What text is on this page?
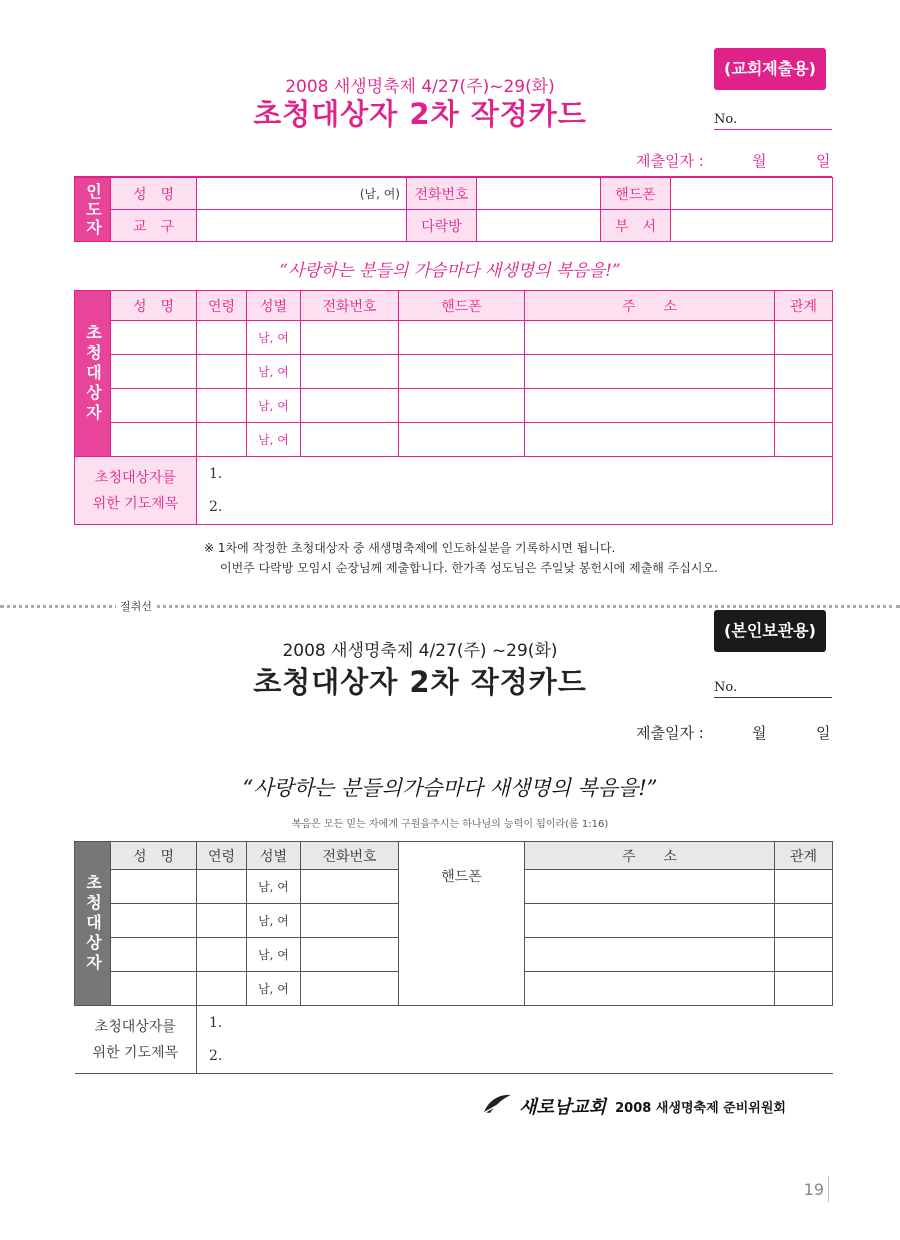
(교회제출용)
2008 새생명축제 4/27(주)~29(화)
초청대상자 2차 작정카드	No.
제출일자 :	월	일
인도자	성　명	(남, 여)	전화번호		핸드폰	
	교　구		다락방		부　서	
“사랑하는 분들의 가슴마다 새생명의 복음을!”
초청대상자	성　명	연령	성별	전화번호	핸드폰	주　　소	관계
			남, 여				
			남, 여				
			남, 여				
			남, 여				

초청대상자를
위한 기도제목		1.					
		2.					
※ 1차에 작정한 초청대상자 중 새생명축제에 인도하실분을 기록하시면 됩니다.
이번주 다락방 모임시 순장님께 제출합니다. 한가족 성도님은 주일낮 봉헌시에 제출해 주십시오.
절취선
(본인보관용)
2008 새생명축제 4/27(주) ~29(화)
초청대상자 2차 작정카드	No.
제출일자 :	월	일
“사랑하는 분들의가슴마다 새생명의 복음을!”
복음은 모든 믿는 자에게 구원을주시는 하나님의 능력이 됨이라(롬 1:16)
초청대상자	성　명	연령	성별	전화번호	핸드폰	주　　소	관계
			남, 여				
			남, 여				
			남, 여				
			남, 여				

초청대상자를
위한 기도제목		1.					
		2.					
새로남교회 2008 새생명축제 준비위원회
19
